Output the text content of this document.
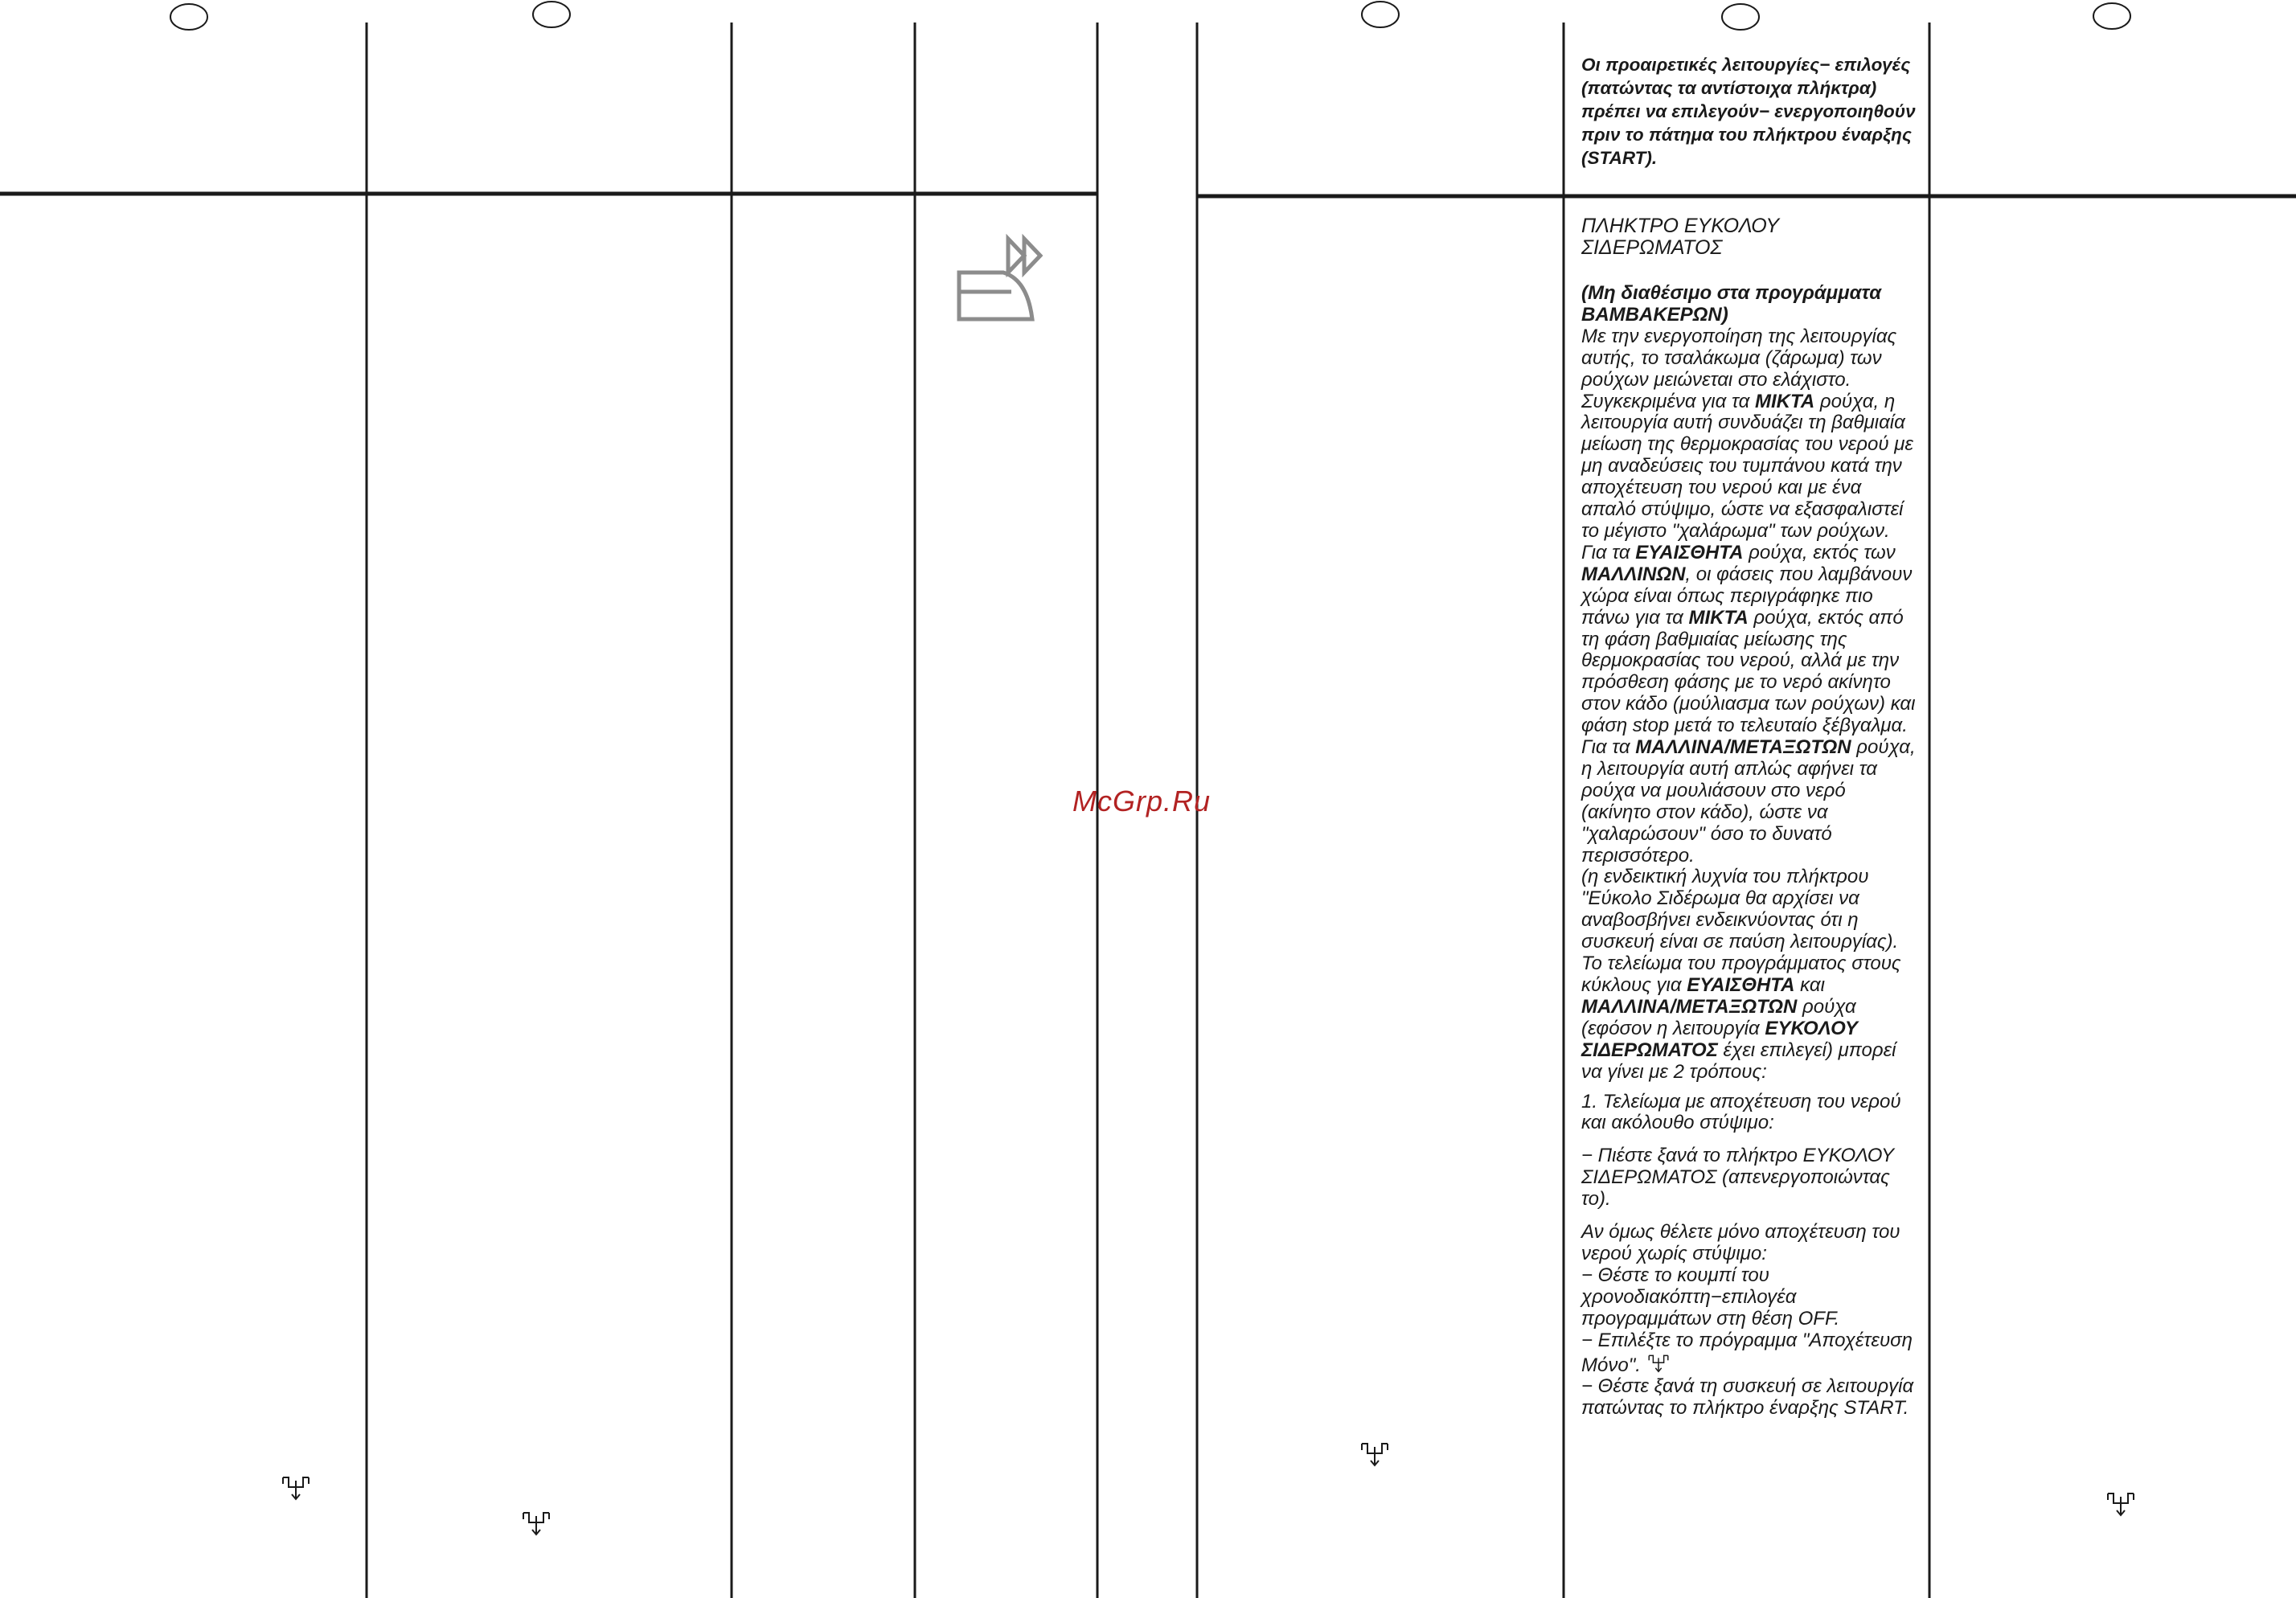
Οι προαιρετικές λειτουργίες− επιλογές (πατώντας τα αντίστοιχα πλήκτρα) πρέπει να επιλεγούν− ενεργοποιηθούν πριν το πάτημα του πλήκτρου έναρξης (START).

ΠΛΗΚΤΡΟ ΕΥΚΟΛΟΥ ΣΙΔΕΡΩΜΑΤΟΣ

(Μη διαθέσιμο στα προγράμματα ΒΑΜΒΑΚΕΡΩΝ)

Με την ενεργοποίηση της λειτουργίας αυτής, το τσαλάκωμα (ζάρωμα) των ρούχων μειώνεται στο ελάχιστο.

Συγκεκριμένα για τα ΜΙΚΤΑ ρούχα, η λειτουργία αυτή συνδυάζει τη βαθμιαία μείωση της θερμοκρασίας του νερού με μη αναδεύσεις του τυμπάνου κατά την αποχέτευση του νερού και με ένα απαλό στύψιμο, ώστε να εξασφαλιστεί το μέγιστο "χαλάρωμα" των ρούχων.

Για τα ΕΥΑΙΣΘΗΤΑ ρούχα, εκτός των ΜΑΛΛΙΝΩΝ, οι φάσεις που λαμβάνουν χώρα είναι όπως περιγράφηκε πιο πάνω για τα ΜΙΚΤΑ ρούχα, εκτός από τη φάση βαθμιαίας μείωσης της θερμοκρασίας του νερού, αλλά με την πρόσθεση φάσης με το νερό ακίνητο στον κάδο (μούλιασμα των ρούχων) και φάση stop μετά το τελευταίο ξέβγαλμα.

Για τα ΜΑΛΛΙΝΑ/ΜΕΤΑΞΩΤΩΝ ρούχα, η λειτουργία αυτή απλώς αφήνει τα ρούχα να μουλιάσουν στο νερό (ακίνητο στον κάδο), ώστε να "χαλαρώσουν" όσο το δυνατό περισσότερο.

(η ενδεικτική λυχνία του πλήκτρου "Εύκολο Σιδέρωμα θα αρχίσει να αναβοσβήνει ενδεικνύοντας ότι η συσκευή είναι σε παύση λειτουργίας).

Το τελείωμα του προγράμματος στους κύκλους για ΕΥΑΙΣΘΗΤΑ και ΜΑΛΛΙΝΑ/ΜΕΤΑΞΩΤΩΝ ρούχα (εφόσον η λειτουργία ΕΥΚΟΛΟΥ ΣΙΔΕΡΩΜΑΤΟΣ έχει επιλεγεί) μπορεί να γίνει με 2 τρόπους:

1. Τελείωμα με αποχέτευση του νερού και ακόλουθο στύψιμο:

− Πιέστε ξανά το πλήκτρο ΕΥΚΟΛΟΥ ΣΙΔΕΡΩΜΑΤΟΣ (απενεργοποιώντας το).

Αν όμως θέλετε μόνο αποχέτευση του νερού χωρίς στύψιμο:

− Θέστε το κουμπί του χρονοδιακόπτη−επιλογέα προγραμμάτων στη θέση OFF.

− Επιλέξτε το πρόγραμμα "Αποχέτευση Μόνο".

− Θέστε ξανά τη συσκευή σε λειτουργία πατώντας το πλήκτρο έναρξης START.

McGrp.Ru
